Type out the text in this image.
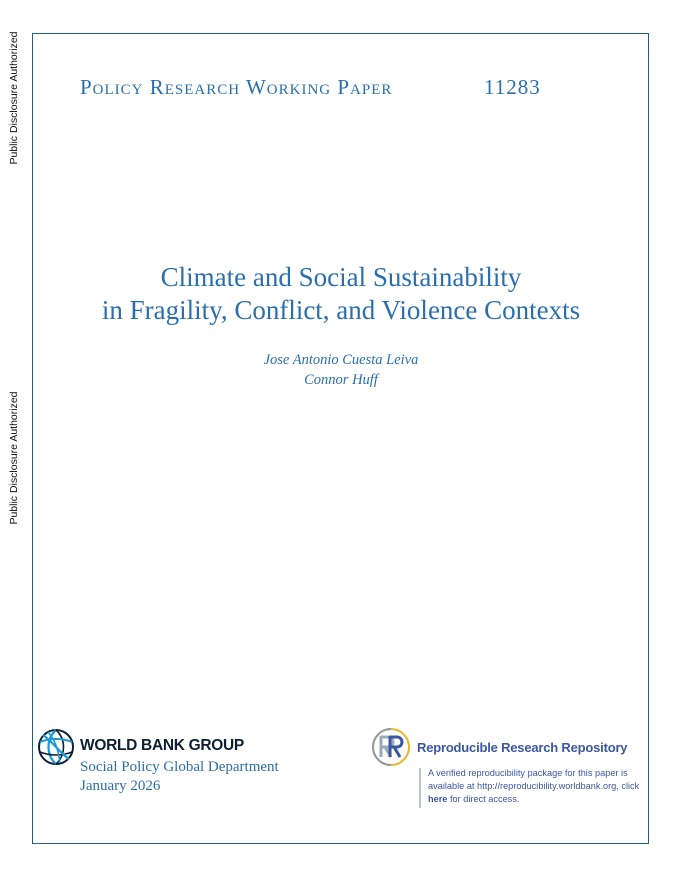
Public Disclosure Authorized
Public Disclosure Authorized
Policy Research Working Paper	11283
Climate and Social Sustainability
in Fragility, Conflict, and Violence Contexts
Jose Antonio Cuesta Leiva
Connor Huff
WORLD BANK GROUP
Social Policy Global Department
January 2026
Reproducible Research Repository
A verified reproducibility package for this paper is available at http://reproducibility.worldbank.org, click here for direct access.
